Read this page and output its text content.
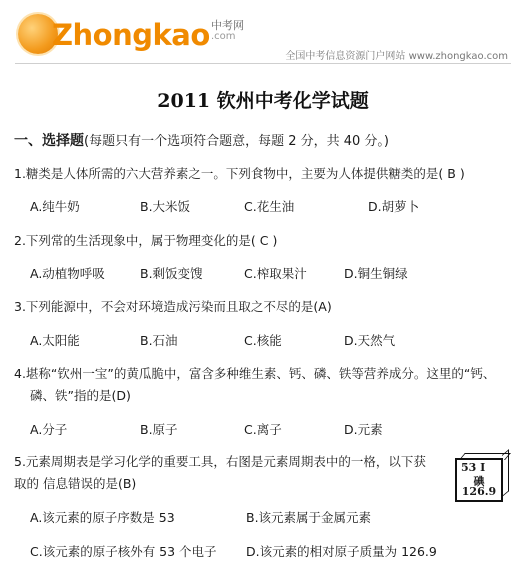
Zhongkao 中考网
.com
全国中考信息资源门户网站 www.zhongkao.com
2011 钦州中考化学试题
一、选择题(每题只有一个选项符合题意，每题 2 分，共 40 分。)
1.糖类是人体所需的六大营养素之一。下列食物中，主要为人体提供糖类的是( B )
A.纯牛奶	B.大米饭	C.花生油	D.胡萝卜
2.下列常的生活现象中，属于物理变化的是( C )
A.动植物呼吸	B.剩饭变馊	C.榨取果汁	D.铜生铜绿
3.下列能源中，不会对环境造成污染而且取之不尽的是(A)
A.太阳能	B.石油	C.核能	D.天然气
4.堪称“钦州一宝”的黄瓜脆中，富含多种维生素、钙、磷、铁等营养成分。这里的“钙、
磷、铁”指的是(D)
A.分子	B.原子	C.离子	D.元素
5.元素周期表是学习化学的重要工具，右图是元素周期表中的一格，以下获
取的 信息错误的是(B)
53 I
碘
126.9
A.该元素的原子序数是 53	B.该元素属于金属元素
C.该元素的原子核外有 53 个电子 D.该元素的相对原子质量为 126.9
